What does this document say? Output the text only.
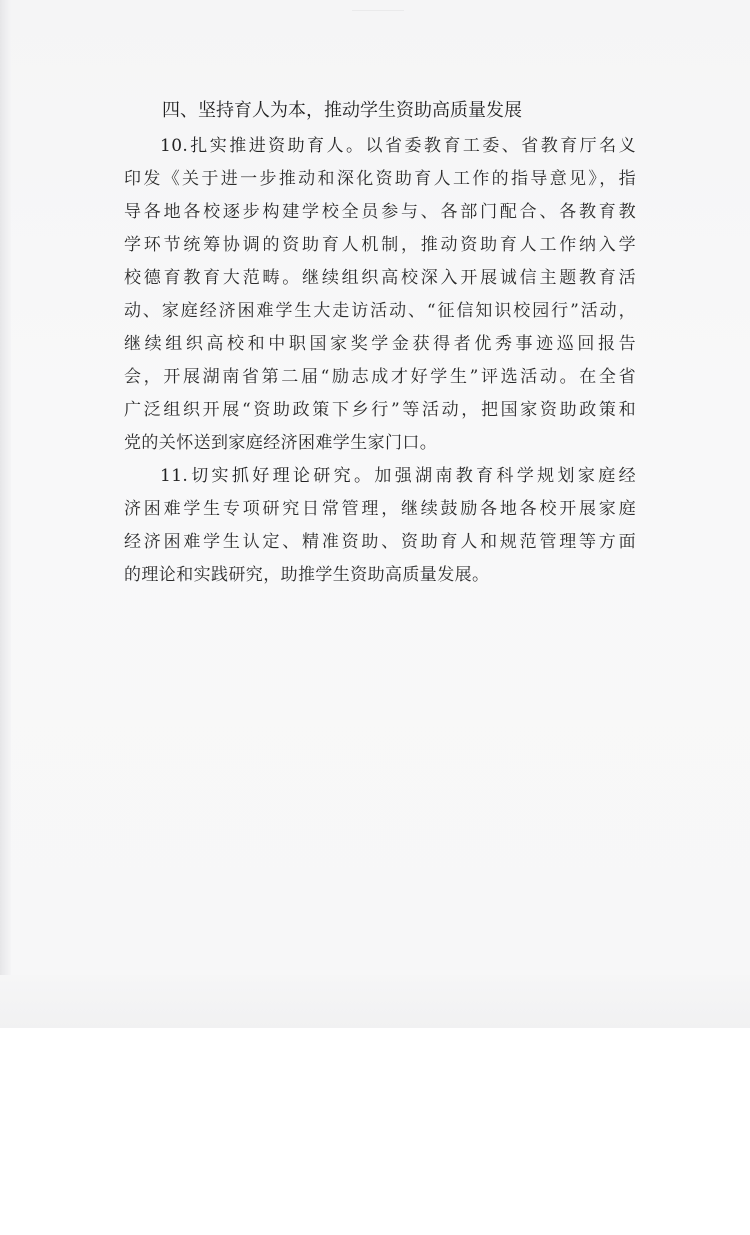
四、坚持育人为本，推动学生资助高质量发展
10.扎实推进资助育人。以省委教育工委、省教育厅名义
印发《关于进一步推动和深化资助育人工作的指导意见》，指
导各地各校逐步构建学校全员参与、各部门配合、各教育教
学环节统筹协调的资助育人机制，推动资助育人工作纳入学
校德育教育大范畴。继续组织高校深入开展诚信主题教育活
动、家庭经济困难学生大走访活动、“征信知识校园行”活动，
继续组织高校和中职国家奖学金获得者优秀事迹巡回报告
会，开展湖南省第二届“励志成才好学生”评选活动。在全省
广泛组织开展“资助政策下乡行”等活动，把国家资助政策和
党的关怀送到家庭经济困难学生家门口。
11.切实抓好理论研究。加强湖南教育科学规划家庭经
济困难学生专项研究日常管理，继续鼓励各地各校开展家庭
经济困难学生认定、精准资助、资助育人和规范管理等方面
的理论和实践研究，助推学生资助高质量发展。
